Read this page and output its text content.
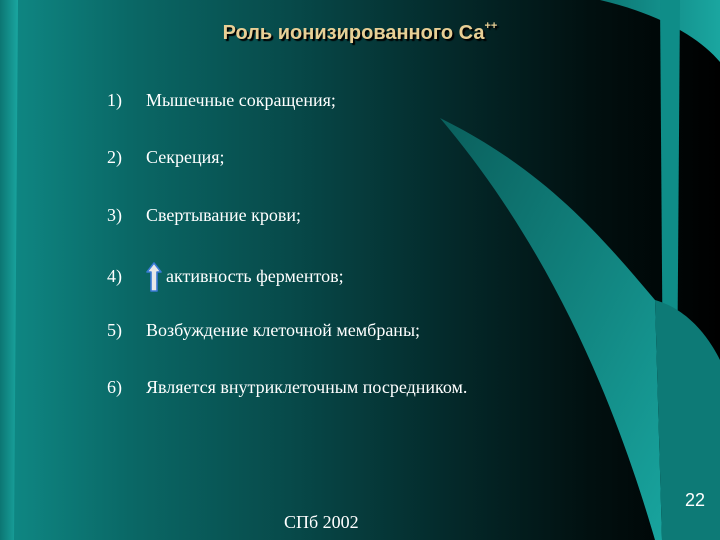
Роль ионизированного Са++
1) Мышечные сокращения;
2) Секреция;
3) Свертывание крови;
4) активность ферментов;
5) Возбуждение клеточной мембраны;
6) Является внутриклеточным посредником.
22
СПб 2002
